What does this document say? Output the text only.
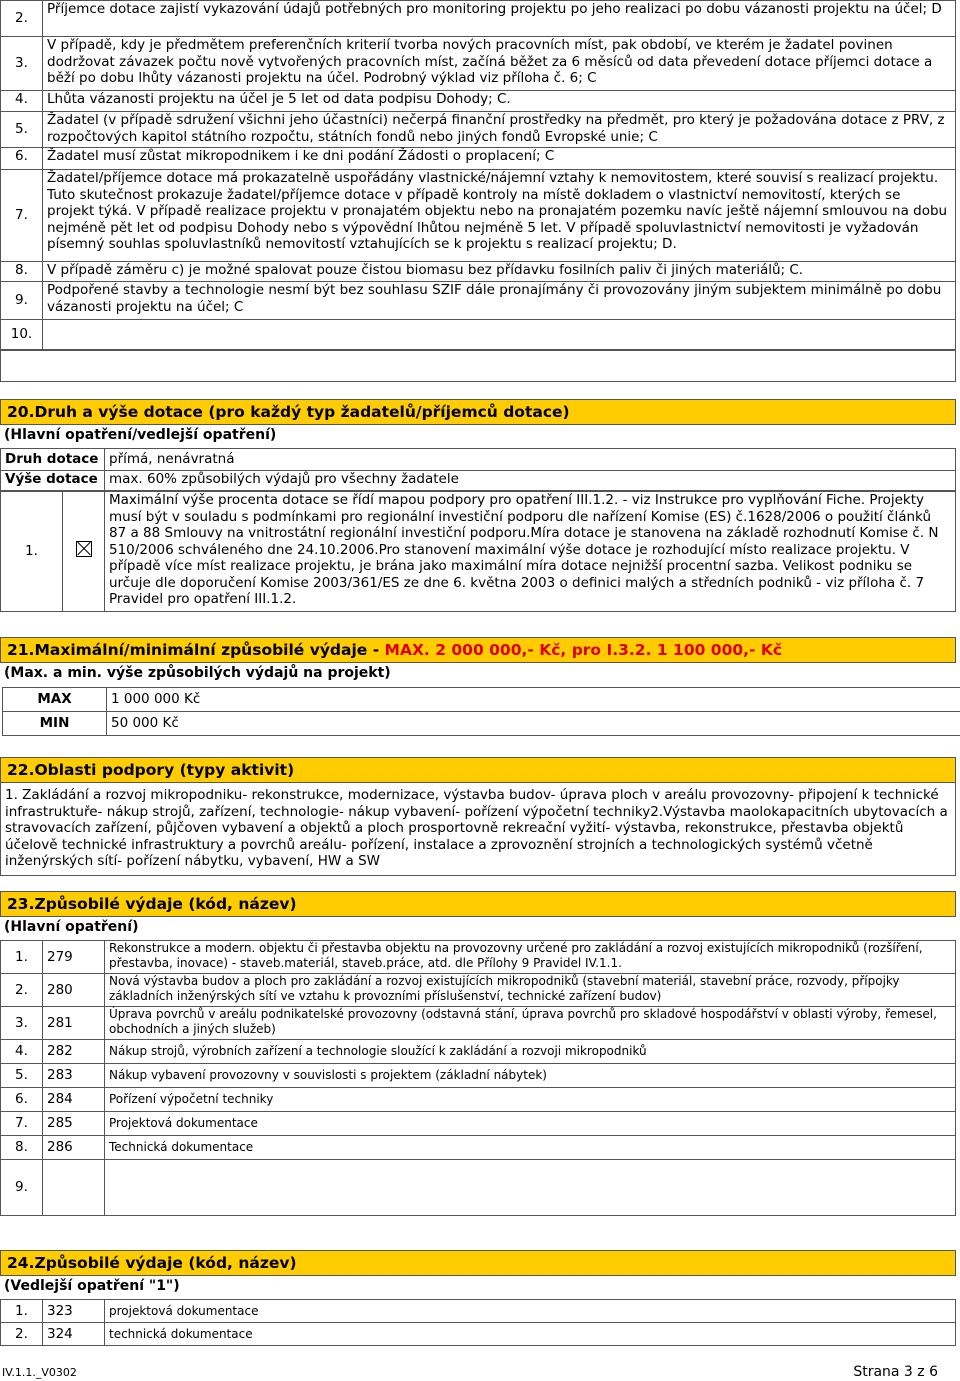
2.	Příjemce dotace zajistí vykazování údajů potřebných pro monitoring projektu po jeho realizaci po dobu vázanosti projektu na účel; D
3.	V případě, kdy je předmětem preferenčních kriterií tvorba nových pracovních míst, pak období, ve kterém je žadatel povinen dodržovat závazek počtu nově vytvořených pracovních míst, začíná běžet za 6 měsíců od data převedení dotace příjemci dotace a běží po dobu lhůty vázanosti projektu na účel. Podrobný výklad viz příloha č. 6; C
4.	Lhůta vázanosti projektu na účel je 5 let od data podpisu Dohody; C.
5.	Žadatel (v případě sdružení všichni jeho účastníci) nečerpá finanční prostředky na předmět, pro který je požadována dotace z PRV, z rozpočtových kapitol státního rozpočtu, státních fondů nebo jiných fondů Evropské unie; C
6.	Žadatel musí zůstat mikropodnikem i ke dni podání Žádosti o proplacení; C
7.	Žadatel/příjemce dotace má prokazatelně uspořádány vlastnické/nájemní vztahy k nemovitostem, které souvisí s realizací projektu. Tuto skutečnost prokazuje žadatel/příjemce dotace v případě kontroly na místě dokladem o vlastnictví nemovitostí, kterých se projekt týká. V případě realizace projektu v pronajatém objektu nebo na pronajatém pozemku navíc ještě nájemní smlouvou na dobu nejméně pět let od podpisu Dohody nebo s výpovědní lhůtou nejméně 5 let. V případě spoluvlastnictví nemovitosti je vyžadován písemný souhlas spoluvlastníků nemovitostí vztahujících se k projektu s realizací projektu; D.
8.	V případě záměru c) je možné spalovat pouze čistou biomasu bez přídavku fosilních paliv či jiných materiálů; C.
9.	Podpořené stavby a technologie nesmí být bez souhlasu SZIF dále pronajímány či provozovány jiným subjektem minimálně po dobu vázanosti projektu na účel; C
10.	
20.Druh a výše dotace (pro každý typ žadatelů/příjemců dotace)
(Hlavní opatření/vedlejší opatření)
Druh dotace	přímá, nenávratná
Výše dotace	max. 60% způsobilých výdajů pro všechny žadatele
1.		Maximální výše procenta dotace se řídí mapou podpory pro opatření III.1.2. - viz Instrukce pro vyplňování Fiche. Projekty musí být v souladu s podmínkami pro regionální investiční podporu dle nařízení Komise (ES) č.1628/2006 o použití článků 87 a 88 Smlouvy na vnitrostátní regionální investiční podporu.Míra dotace je stanovena na základě rozhodnutí Komise č. N 510/2006 schváleného dne 24.10.2006.Pro stanovení maximální výše dotace je rozhodující místo realizace projektu. V případě více míst realizace projektu, je brána jako maximální míra dotace nejnižší procentní sazba. Velikost podniku se určuje dle doporučení Komise 2003/361/ES ze dne 6. května 2003 o definici malých a středních podniků - viz příloha č. 7 Pravidel pro opatření III.1.2.
21.Maximální/minimální způsobilé výdaje - MAX. 2 000 000,- Kč, pro I.3.2. 1 100 000,- Kč
(Max. a min. výše způsobilých výdajů na projekt)
MAX	1 000 000 Kč
MIN	50 000 Kč
22.Oblasti podpory (typy aktivit)
1. Zakládání a rozvoj mikropodniku- rekonstrukce, modernizace, výstavba budov- úprava ploch v areálu provozovny- připojení k technické infrastruktuře- nákup strojů, zařízení, technologie- nákup vybavení- pořízení výpočetní techniky2.Výstavba maolokapacitních ubytovacích a stravovacích zařízení, půjčoven vybavení a objektů a ploch prosportovně rekreační vyžití- výstavba, rekonstrukce, přestavba objektů účelově technické infrastruktury a povrchů areálu- pořízení, instalace a zprovoznění strojních a technologických systémů včetně inženýrských sítí- pořízení nábytku, vybavení, HW a SW
23.Způsobilé výdaje (kód, název)
(Hlavní opatření)
1.	279	Rekonstrukce a modern. objektu či přestavba objektu na provozovny určené pro zakládání a rozvoj existujících mikropodniků (rozšíření, přestavba, inovace) - staveb.materiál, staveb.práce, atd. dle Přílohy 9 Pravidel IV.1.1.
2.	280	Nová výstavba budov a ploch pro zakládání a rozvoj existujících mikropodniků (stavební materiál, stavební práce, rozvody, přípojky základních inženýrských sítí ve vztahu k provozními příslušenství, technické zařízení budov)
3.	281	Úprava povrchů v areálu podnikatelské provozovny (odstavná stání, úprava povrchů pro skladové hospodářství v oblasti výroby, řemesel, obchodních a jiných služeb)
4.	282	Nákup strojů, výrobních zařízení a technologie sloužící k zakládání a rozvoji mikropodniků
5.	283	Nákup vybavení provozovny v souvislosti s projektem (základní nábytek)
6.	284	Pořízení výpočetní techniky
7.	285	Projektová dokumentace
8.	286	Technická dokumentace
9.		
24.Způsobilé výdaje (kód, název)
(Vedlejší opatření "1")
1.	323	projektová dokumentace
2.	324	technická dokumentace
IV.1.1._V0302	Strana 3 z 6
